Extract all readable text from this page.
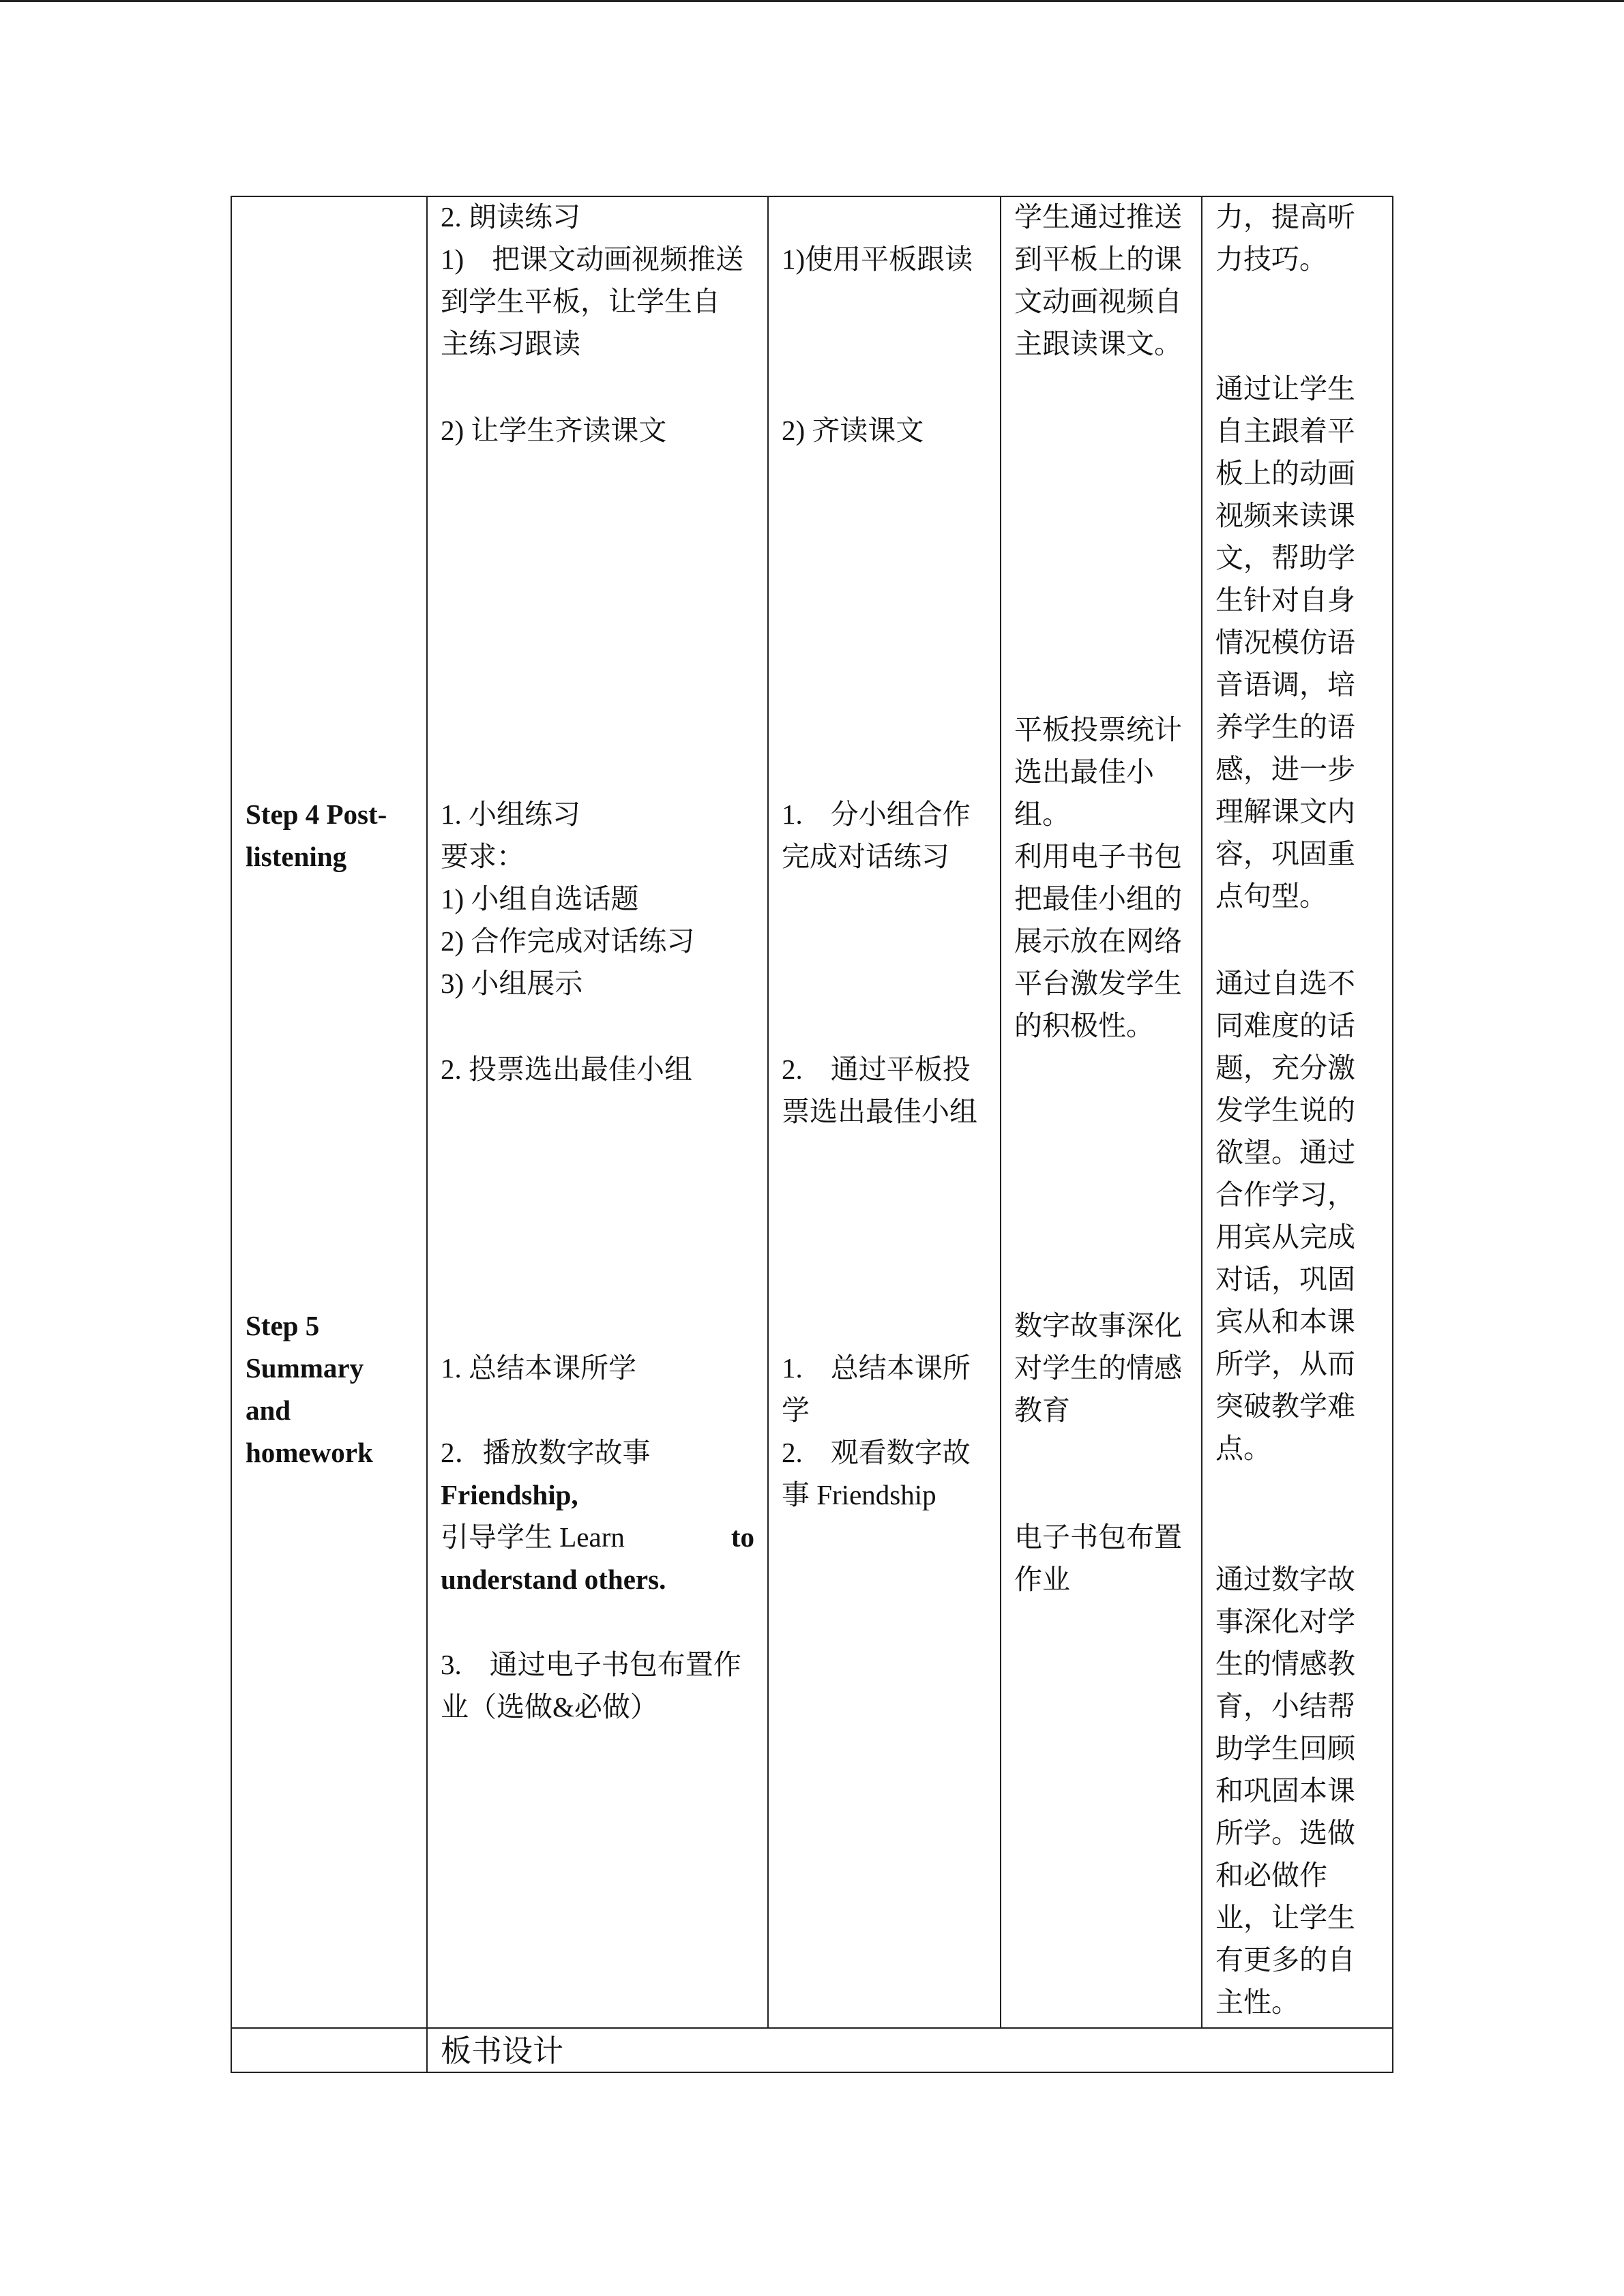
Step 4 Post-
listening
Step 5
Summary
and
homework
2. 朗读练习
1)　把课文动画视频推送
到学生平板，让学生自
主练习跟读
2) 让学生齐读课文
1. 小组练习
要求：
1) 小组自选话题
2) 合作完成对话练习
3) 小组展示
2. 投票选出最佳小组
1. 总结本课所学
2．播放数字故事
Friendship,
引导学生 Learn	to
understand others.
3.　通过电子书包布置作
业（选做&必做）
1)使用平板跟读
2) 齐读课文
1.　分小组合作
完成对话练习
2.　通过平板投
票选出最佳小组
1.　总结本课所
学
2.　观看数字故
事 Friendship
学生通过推送
到平板上的课
文动画视频自
主跟读课文。
平板投票统计
选出最佳小
组。
利用电子书包
把最佳小组的
展示放在网络
平台激发学生
的积极性。
数字故事深化
对学生的情感
教育
电子书包布置
作业
力，提高听
力技巧。
通过让学生
自主跟着平
板上的动画
视频来读课
文，帮助学
生针对自身
情况模仿语
音语调，培
养学生的语
感，进一步
理解课文内
容，巩固重
点句型。
通过自选不
同难度的话
题，充分激
发学生说的
欲望。通过
合作学习，
用宾从完成
对话，巩固
宾从和本课
所学，从而
突破教学难
点。
通过数字故
事深化对学
生的情感教
育，小结帮
助学生回顾
和巩固本课
所学。选做
和必做作
业，让学生
有更多的自
主性。
板书设计
